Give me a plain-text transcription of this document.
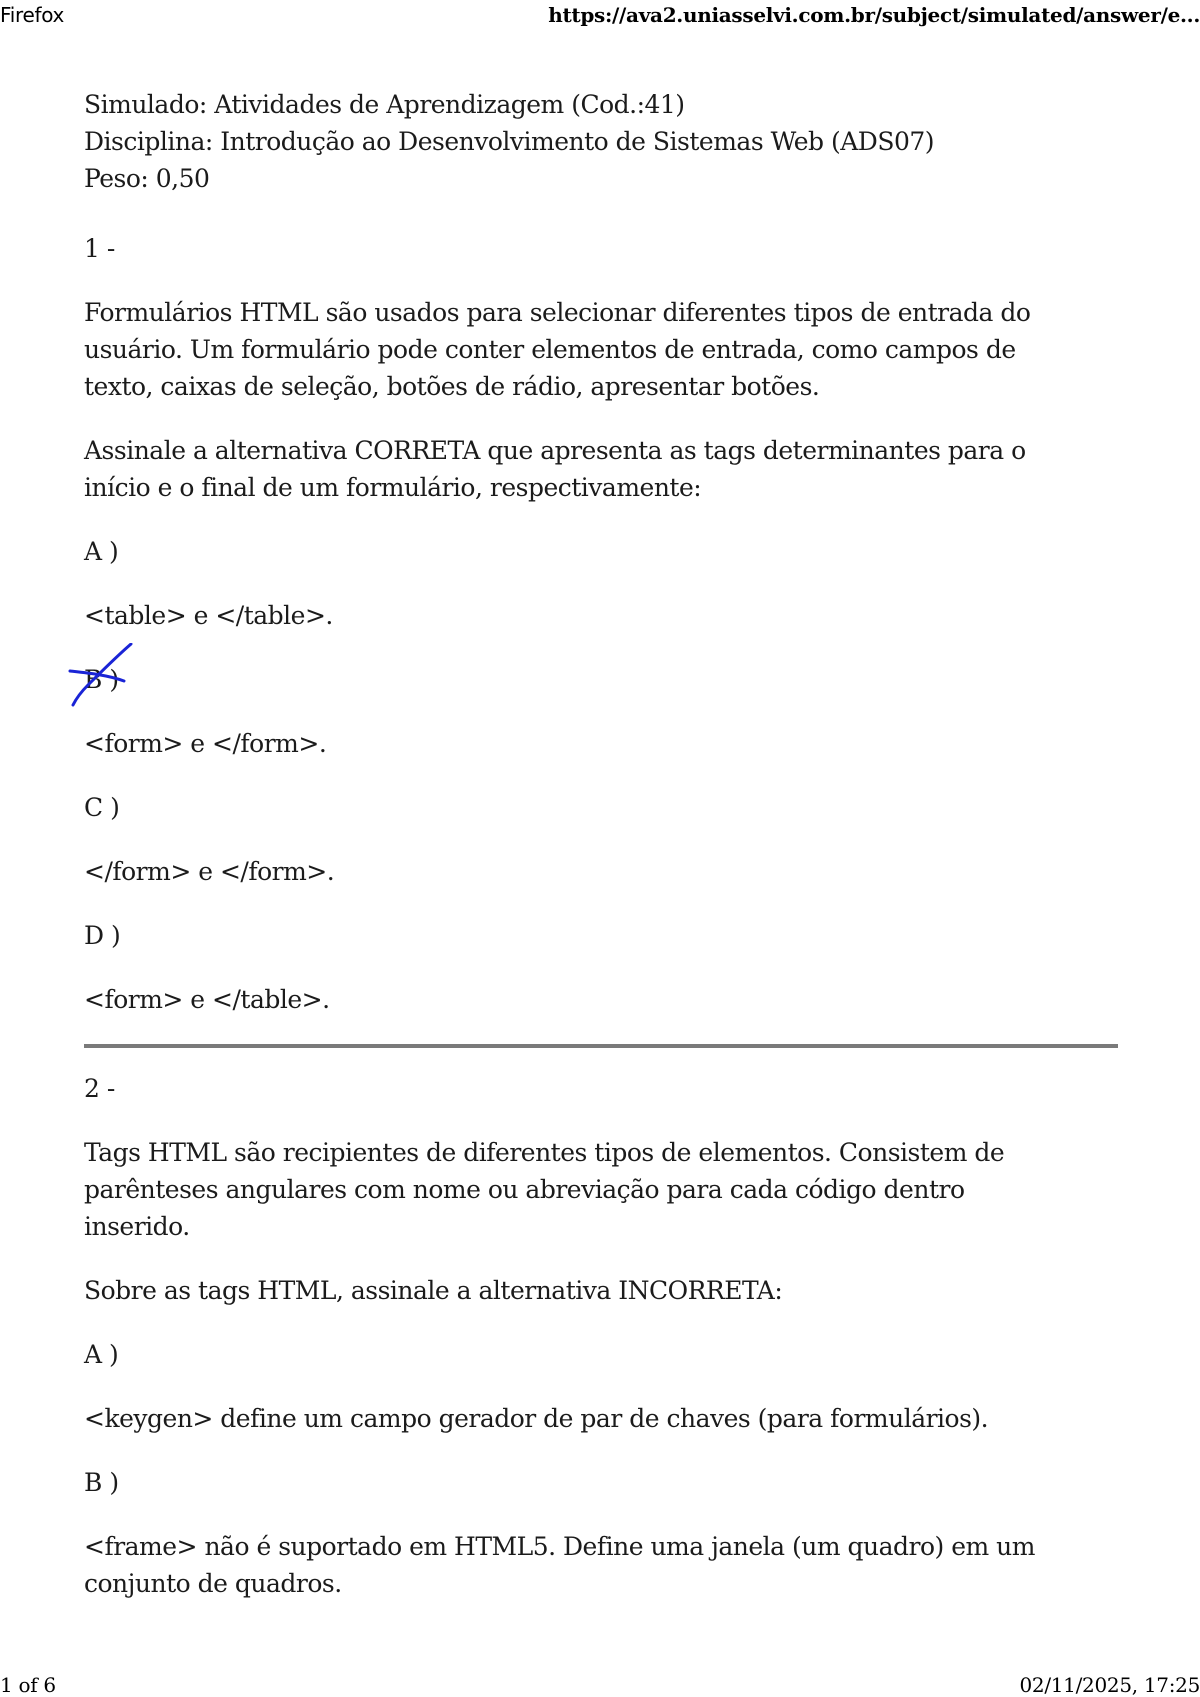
Firefox	https://ava2.uniasselvi.com.br/subject/simulated/answer/e...

Simulado: Atividades de Aprendizagem (Cod.:41)

Disciplina: Introdução ao Desenvolvimento de Sistemas Web (ADS07)

Peso: 0,50

1 -

Formulários HTML são usados para selecionar diferentes tipos de entrada do

usuário. Um formulário pode conter elementos de entrada, como campos de

texto, caixas de seleção, botões de rádio, apresentar botões.

Assinale a alternativa CORRETA que apresenta as tags determinantes para o

início e o final de um formulário, respectivamente:

A )

<table> e </table>.

B )

<form> e </form>.

C )

</form> e </form>.

D )

<form> e </table>.

2 -

Tags HTML são recipientes de diferentes tipos de elementos. Consistem de

parênteses angulares com nome ou abreviação para cada código dentro

inserido.

Sobre as tags HTML, assinale a alternativa INCORRETA:

A )

<keygen> define um campo gerador de par de chaves (para formulários).

B )

<frame> não é suportado em HTML5. Define uma janela (um quadro) em um

conjunto de quadros.

1 of 6	02/11/2025, 17:25
